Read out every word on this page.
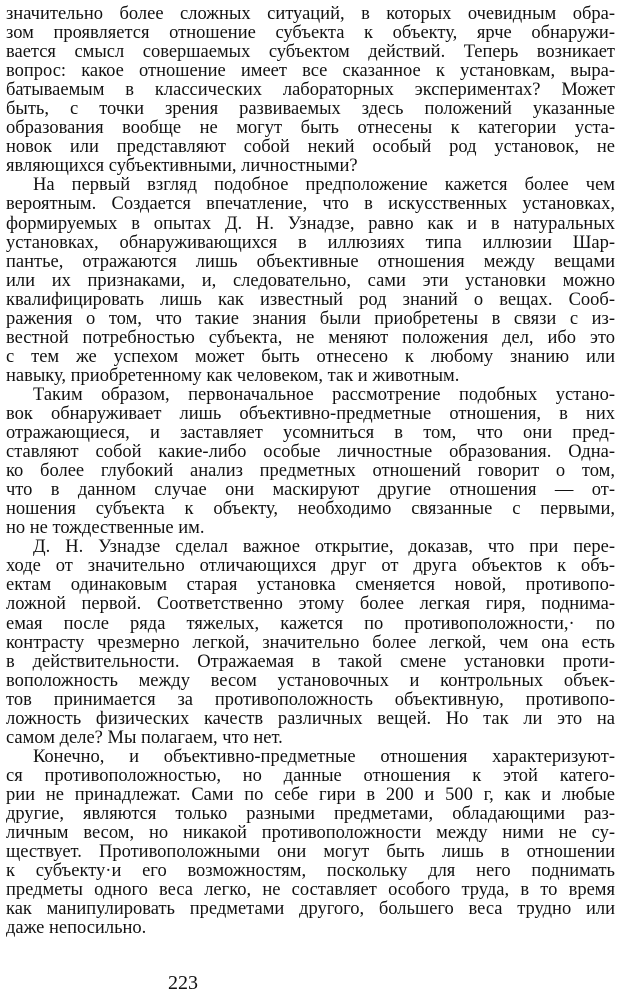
значительно более сложных ситуаций, в которых очевидным обра-
зом проявляется отношение субъекта к объекту, ярче обнаружи-
вается смысл совершаемых субъектом действий. Теперь возникает
вопрос: какое отношение имеет все сказанное к установкам, выра-
батываемым в классических лабораторных экспериментах? Может
быть, с точки зрения развиваемых здесь положений указанные
образования вообще не могут быть отнесены к категории уста-
новок или представляют собой некий особый род установок, не
являющихся субъективными, личностными?
На первый взгляд подобное предположение кажется более чем
вероятным. Создается впечатление, что в искусственных установках,
формируемых в опытах Д. Н. Узнадзе, равно как и в натуральных
установках, обнаруживающихся в иллюзиях типа иллюзии Шар-
пантье, отражаются лишь объективные отношения между вещами
или их признаками, и, следовательно, сами эти установки можно
квалифицировать лишь как известный род знаний о вещах. Сооб-
ражения о том, что такие знания были приобретены в связи с из-
вестной потребностью субъекта, не меняют положения дел, ибо это
с тем же успехом может быть отнесено к любому знанию или
навыку, приобретенному как человеком, так и животным.
Таким образом, первоначальное рассмотрение подобных устано-
вок обнаруживает лишь объективно-предметные отношения, в них
отражающиеся, и заставляет усомниться в том, что они пред-
ставляют собой какие-либо особые личностные образования. Одна-
ко более глубокий анализ предметных отношений говорит о том,
что в данном случае они маскируют другие отношения — от-
ношения субъекта к объекту, необходимо связанные с первыми,
но не тождественные им.
Д. Н. Узнадзе сделал важное открытие, доказав, что при пере-
ходе от значительно отличающихся друг от друга объектов к объ-
ектам одинаковым старая установка сменяется новой, противопо-
ложной первой. Соответственно этому более легкая гиря, поднима-
емая после ряда тяжелых, кажется по противоположности,· по
контрасту чрезмерно легкой, значительно более легкой, чем она есть
в действительности. Отражаемая в такой смене установки проти-
воположность между весом установочных и контрольных объек-
тов принимается за противоположность объективную, противопо-
ложность физических качеств различных вещей. Но так ли это на
самом деле? Мы полагаем, что нет.
Конечно, и объективно-предметные отношения характеризуют-
ся противоположностью, но данные отношения к этой катего-
рии не принадлежат. Сами по себе гири в 200 и 500 г, как и любые
другие, являются только разными предметами, обладающими раз-
личным весом, но никакой противоположности между ними не су-
ществует. Противоположными они могут быть лишь в отношении
к субъекту·и его возможностям, поскольку для него поднимать
предметы одного веса легко, не составляет особого труда, в то время
как манипулировать предметами другого, большего веса трудно или
даже непосильно.
223
